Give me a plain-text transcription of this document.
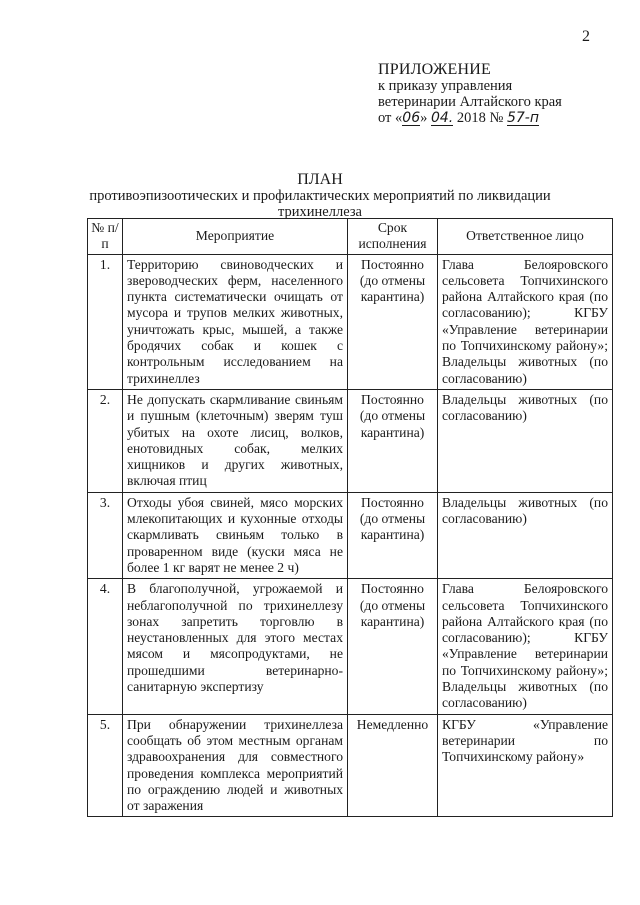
2
ПРИЛОЖЕНИЕ
к приказу управления
ветеринарии Алтайского края
от «06» 04. 2018 № 57-п
ПЛАН
противоэпизоотических и профилактических мероприятий по ликвидации
трихинеллеза
№ п/п	Мероприятие	Срок исполнения	Ответственное лицо
1.	Территорию свиноводческих и звероводческих ферм, населенного пункта систематически очищать от мусора и трупов мелких животных, уничтожать крыс, мышей, а также бродячих собак и кошек с контрольным исследованием на трихинеллез	Постоянно (до отмены карантина)	Глава Белояровского сельсовета Топчихинского района Алтайского края (по согласованию); КГБУ «Управление ветеринарии по Топчихинскому району»; Владельцы животных (по согласованию)
2.	Не допускать скармливание свиньям и пушным (клеточным) зверям туш убитых на охоте лисиц, волков, енотовидных собак, мелких хищников и других животных, включая птиц	Постоянно (до отмены карантина)	Владельцы животных (по согласованию)
3.	Отходы убоя свиней, мясо морских млекопитающих и кухонные отходы скармливать свиньям только в проваренном виде (куски мяса не более 1 кг варят не менее 2 ч)	Постоянно (до отмены карантина)	Владельцы животных (по согласованию)
4.	В благополучной, угрожаемой и неблагополучной по трихинеллезу зонах запретить торговлю в неустановленных для этого местах мясом и мясопродуктами, не прошедшими ветеринарно-санитарную экспертизу	Постоянно (до отмены карантина)	Глава Белояровского сельсовета Топчихинского района Алтайского края (по согласованию); КГБУ «Управление ветеринарии по Топчихинскому району»; Владельцы животных (по согласованию)
5.	При обнаружении трихинеллеза сообщать об этом местным органам здравоохранения для совместного проведения комплекса мероприятий по ограждению людей и животных от заражения	Немедленно	КГБУ «Управление ветеринарии по Топчихинскому району»
